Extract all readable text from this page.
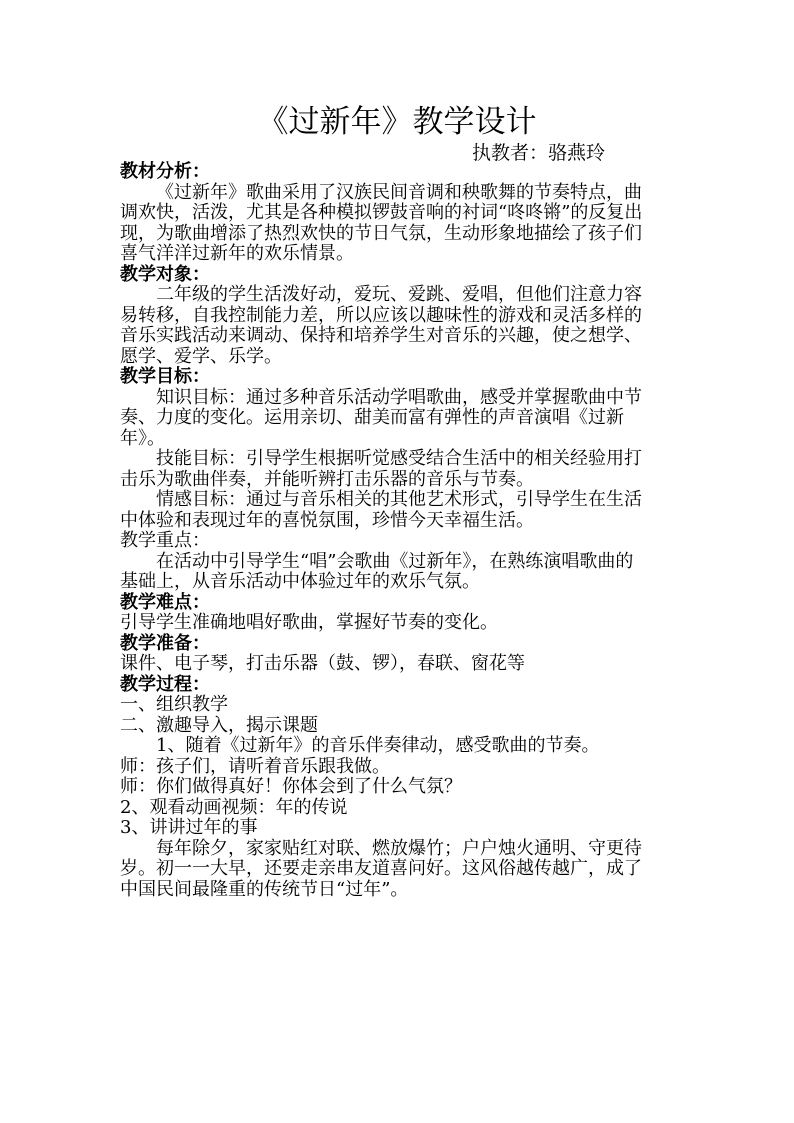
《过新年》教学设计
执教者：骆燕玲

教材分析：

《过新年》歌曲采用了汉族民间音调和秧歌舞的节奏特点，曲调欢快，活泼，尤其是各种模拟锣鼓音响的衬词“咚咚锵”的反复出现，为歌曲增添了热烈欢快的节日气氛，生动形象地描绘了孩子们喜气洋洋过新年的欢乐情景。

教学对象：

二年级的学生活泼好动，爱玩、爱跳、爱唱，但他们注意力容易转移，自我控制能力差，所以应该以趣味性的游戏和灵活多样的音乐实践活动来调动、保持和培养学生对音乐的兴趣，使之想学、愿学、爱学、乐学。

教学目标：

知识目标：通过多种音乐活动学唱歌曲，感受并掌握歌曲中节奏、力度的变化。运用亲切、甜美而富有弹性的声音演唱《过新年》。

技能目标：引导学生根据听觉感受结合生活中的相关经验用打击乐为歌曲伴奏，并能听辨打击乐器的音乐与节奏。

情感目标：通过与音乐相关的其他艺术形式，引导学生在生活中体验和表现过年的喜悦氛围，珍惜今天幸福生活。

教学重点：

在活动中引导学生“唱”会歌曲《过新年》，在熟练演唱歌曲的基础上，从音乐活动中体验过年的欢乐气氛。

教学难点：

引导学生准确地唱好歌曲，掌握好节奏的变化。

教学准备：

课件、电子琴，打击乐器（鼓、锣），春联、窗花等

教学过程：

一、组织教学

二、激趣导入，揭示课题

1、随着《过新年》的音乐伴奏律动，感受歌曲的节奏。

师：孩子们，请听着音乐跟我做。

师：你们做得真好！你体会到了什么气氛？

2、观看动画视频：年的传说

3、讲讲过年的事

每年除夕，家家贴红对联、燃放爆竹；户户烛火通明、守更待岁。初一一大早，还要走亲串友道喜问好。这风俗越传越广，成了中国民间最隆重的传统节日“过年”。
